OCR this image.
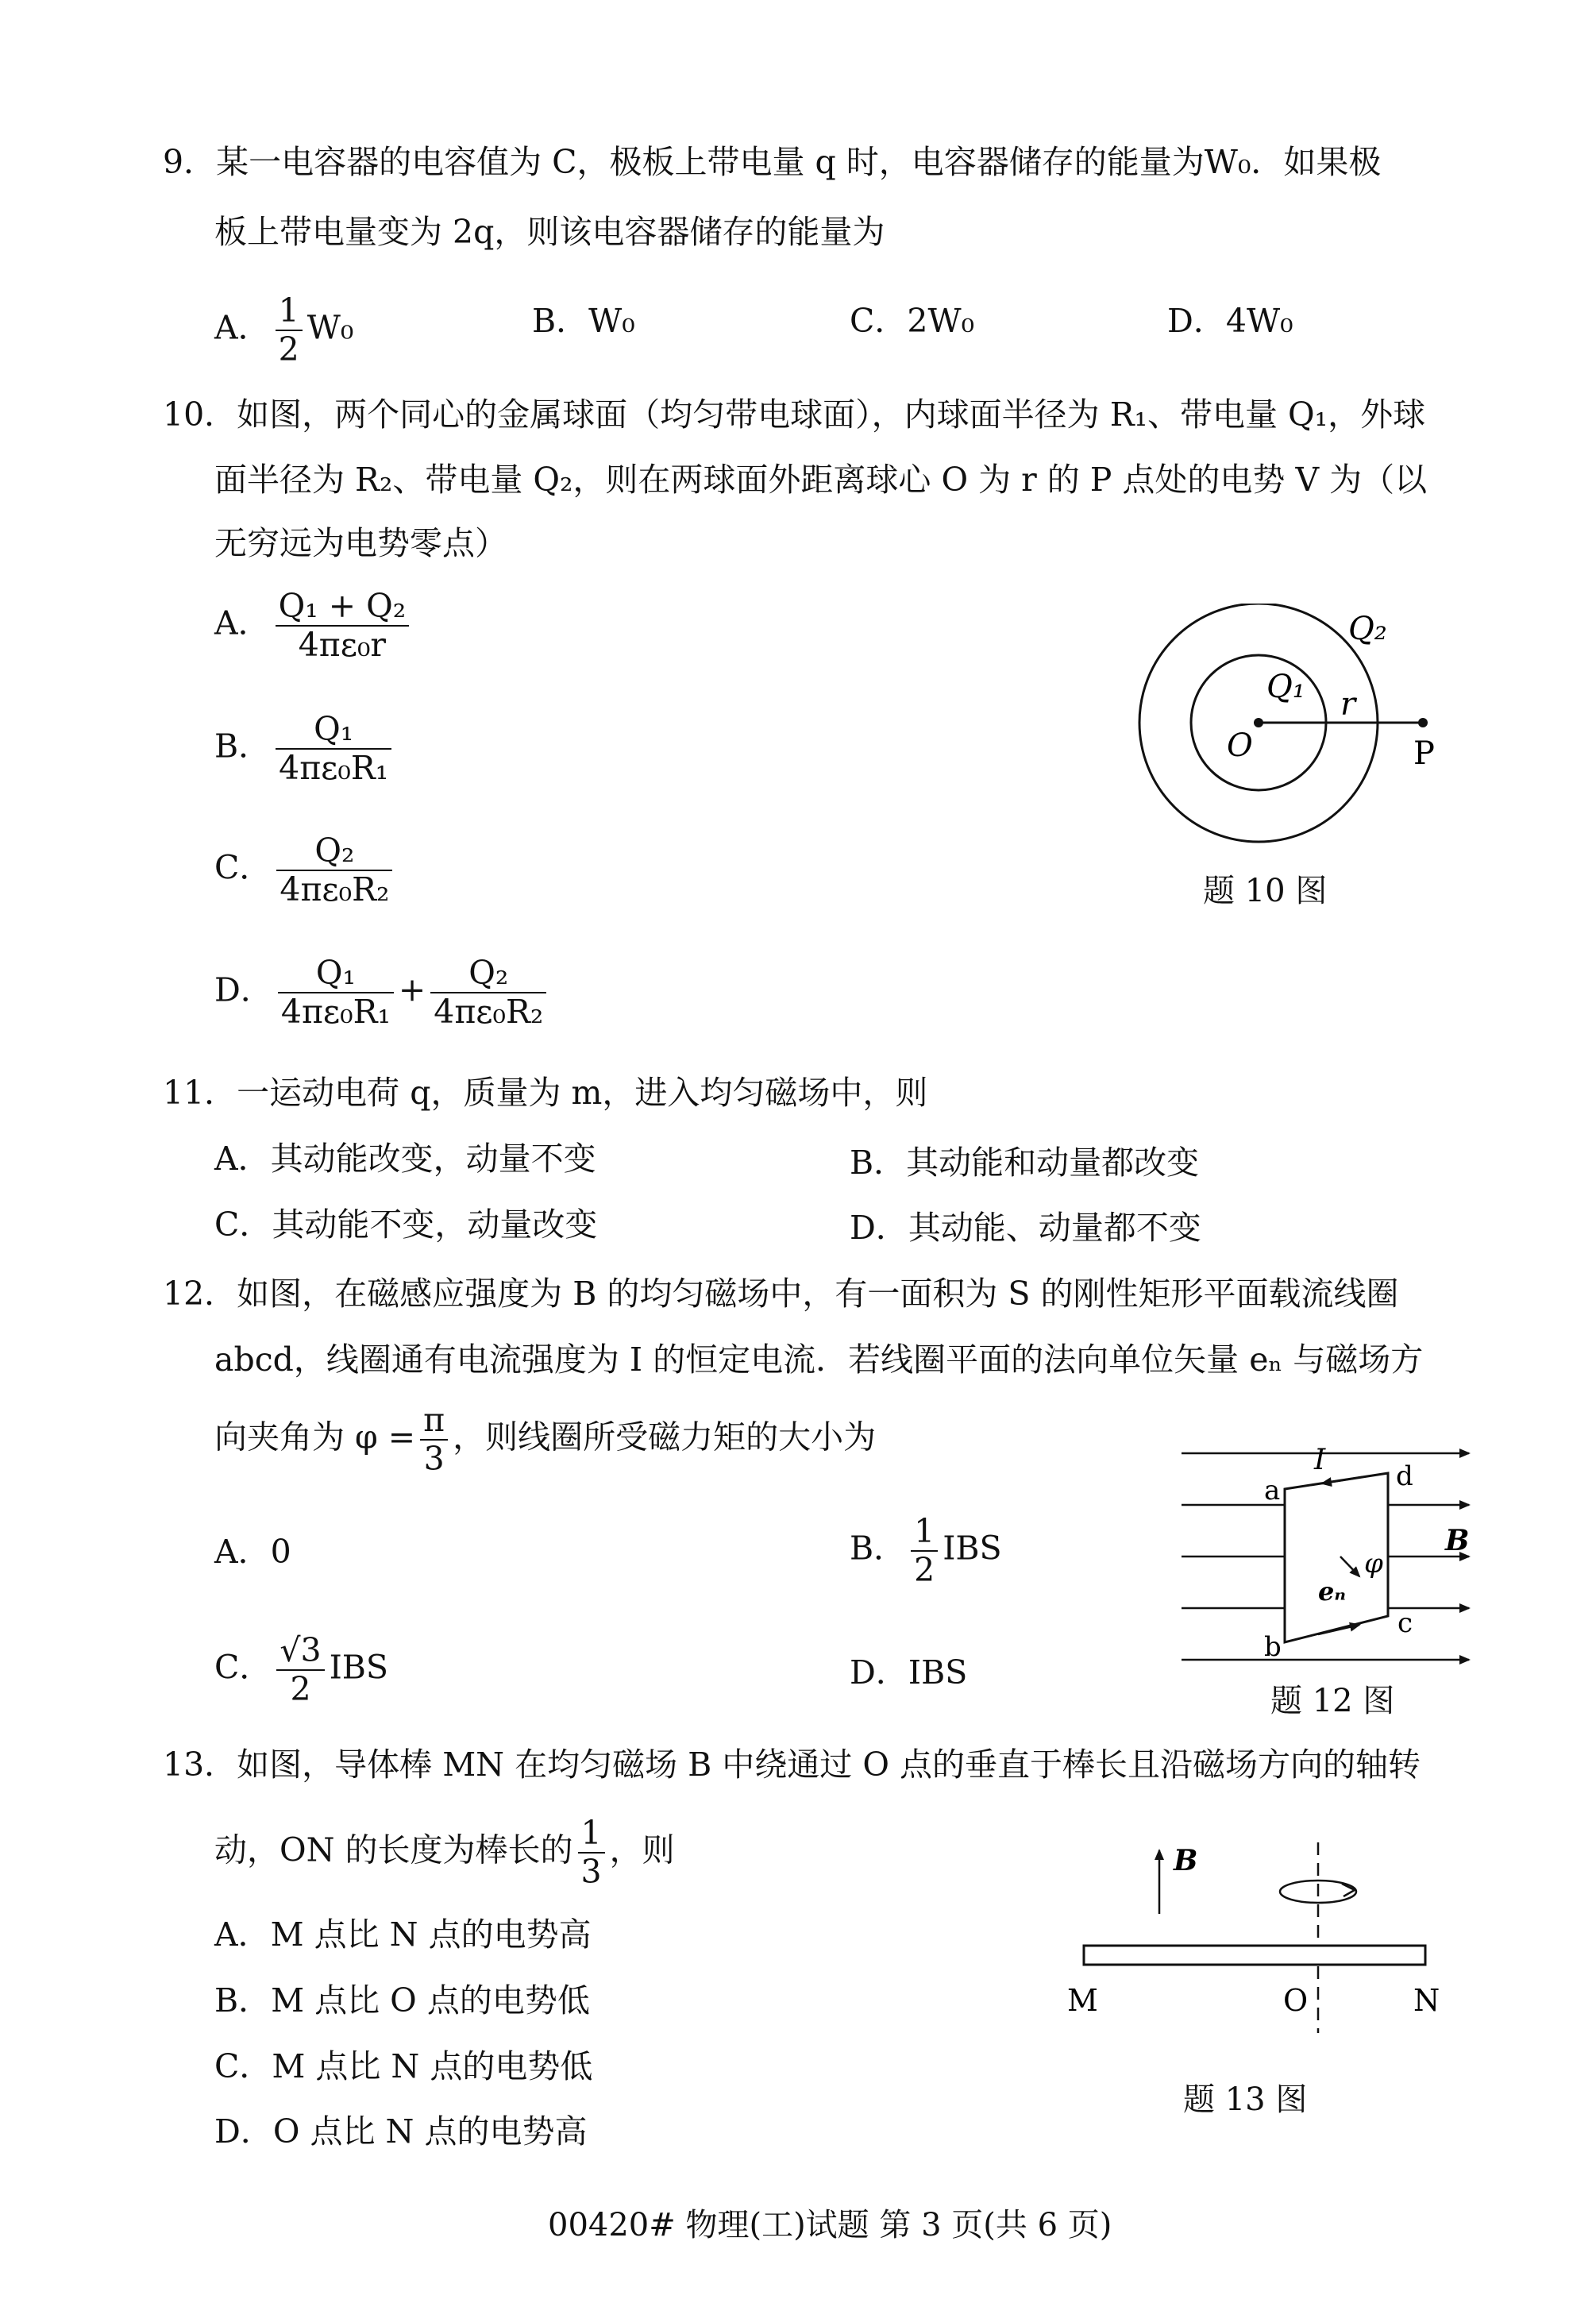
9．某一电容器的电容值为 C，极板上带电量 q 时，电容器储存的能量为W₀．如果极
板上带电量变为 2q，则该电容器储存的能量为
A． $\frac{1}{2} W_0$	B．W₀	C．2W₀	D．4W₀
10．如图，两个同心的金属球面（均匀带电球面），内球面半径为 R₁、带电量 Q₁，外球
面半径为 R₂、带电量 Q₂，则在两球面外距离球心 O 为 r 的 P 点处的电势 V 为（以
无穷远为电势零点）
A． $\frac{\text{Q₁ + Q₂}}{\text{4πε₀r}}$
B． $\frac{\text{Q₁}}{\text{4πε₀R₁}}$
C． $\frac{\text{Q₂}}{\text{4πε₀R₂}}$
D． $\frac{\text{Q₁}}{\text{4πε₀R₁}} + \frac{\text{Q₂}}{\text{4πε₀R₂}}$
Q₂
Q₁ r
O	P
题 10 图
11．一运动电荷 q，质量为 m，进入均匀磁场中，则
A．其动能改变，动量不变	B．其动能和动量都改变
C．其动能不变，动量改变	D．其动能、动量都不变
12．如图，在磁感应强度为 B 的均匀磁场中，有一面积为 S 的刚性矩形平面载流线圈
abcd，线圈通有电流强度为 I 的恒定电流．若线圈平面的法向单位矢量 eₙ 与磁场方
向夹角为 $\varphi = \frac{\pi}{3}$ ，则线圈所受磁力矩的大小为
A．0	B． $\frac{1}{2}$ IBS
C． $\frac{√3}{2}$ IBS	D．IBS
a	d
b
c
I
B
eₙ
φ
题 12 图
13．如图，导体棒 MN 在均匀磁场 B 中绕通过 O 点的垂直于棒长且沿磁场方向的轴转
动，ON 的长度为棒长的 $\frac{1}{3}$ ，则
A．M 点比 N 点的电势高
B．M 点比 O 点的电势低
C．M 点比 N 点的电势低
D．O 点比 N 点的电势高
B
M	O	N
题 13 图
00420# 物理(工)试题 第 3 页(共 6 页)
